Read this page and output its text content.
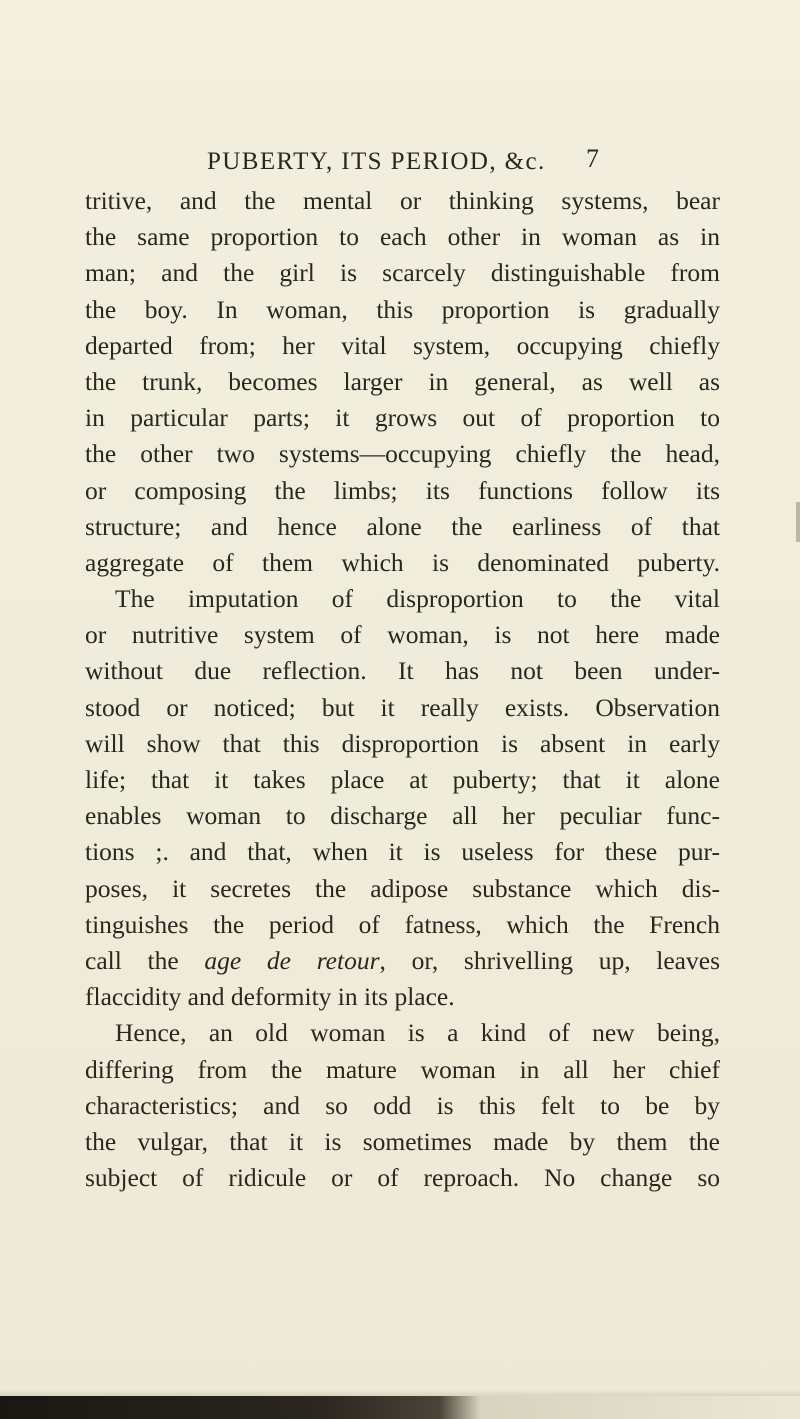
PUBERTY, ITS PERIOD, &c. 7
tritive, and the mental or thinking systems, bear
the same proportion to each other in woman as in
man; and the girl is scarcely distinguishable from
the boy. In woman, this proportion is gradually
departed from; her vital system, occupying chiefly
the trunk, becomes larger in general, as well as
in particular parts; it grows out of proportion to
the other two systems—occupying chiefly the head,
or composing the limbs; its functions follow its
structure; and hence alone the earliness of that
aggregate of them which is denominated puberty.
The imputation of disproportion to the vital
or nutritive system of woman, is not here made
without due reflection. It has not been under-
stood or noticed; but it really exists. Observation
will show that this disproportion is absent in early
life; that it takes place at puberty; that it alone
enables woman to discharge all her peculiar func-
tions ;. and that, when it is useless for these pur-
poses, it secretes the adipose substance which dis-
tinguishes the period of fatness, which the French
call the age de retour, or, shrivelling up, leaves
flaccidity and deformity in its place.
Hence, an old woman is a kind of new being,
differing from the mature woman in all her chief
characteristics; and so odd is this felt to be by
the vulgar, that it is sometimes made by them the
subject of ridicule or of reproach. No change so
